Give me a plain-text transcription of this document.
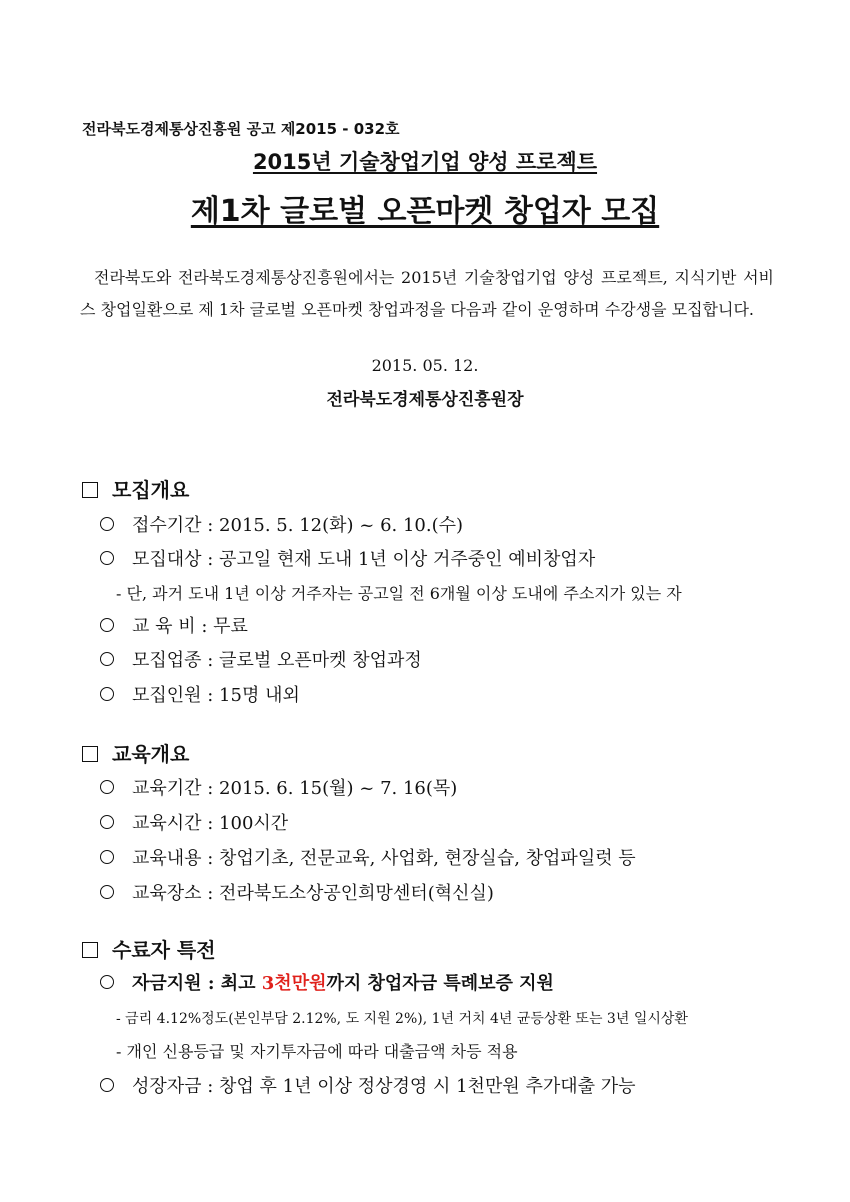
전라북도경제통상진흥원 공고 제2015 - 032호
2015년 기술창업기업 양성 프로젝트
제1차 글로벌 오픈마켓 창업자 모집
전라북도와 전라북도경제통상진흥원에서는 2015년 기술창업기업 양성 프로젝트, 지식기반 서비스 창업일환으로 제 1차 글로벌 오픈마켓 창업과정을 다음과 같이 운영하며 수강생을 모집합니다.
2015. 05. 12.
전라북도경제통상진흥원장
모집개요
접수기간 : 2015. 5. 12(화) ~ 6. 10.(수)
모집대상 : 공고일 현재 도내 1년 이상 거주중인 예비창업자
- 단, 과거 도내 1년 이상 거주자는 공고일 전 6개월 이상 도내에 주소지가 있는 자
교 육 비 : 무료
모집업종 : 글로벌 오픈마켓 창업과정
모집인원 : 15명 내외
교육개요
교육기간 : 2015. 6. 15(월) ~ 7. 16(목)
교육시간 : 100시간
교육내용 : 창업기초, 전문교육, 사업화, 현장실습, 창업파일럿 등
교육장소 : 전라북도소상공인희망센터(혁신실)
수료자 특전
자금지원 : 최고 3천만원까지 창업자금 특례보증 지원
- 금리 4.12%정도(본인부담 2.12%, 도 지원 2%), 1년 거치 4년 균등상환 또는 3년 일시상환
- 개인 신용등급 및 자기투자금에 따라 대출금액 차등 적용
성장자금 : 창업 후 1년 이상 정상경영 시 1천만원 추가대출 가능
